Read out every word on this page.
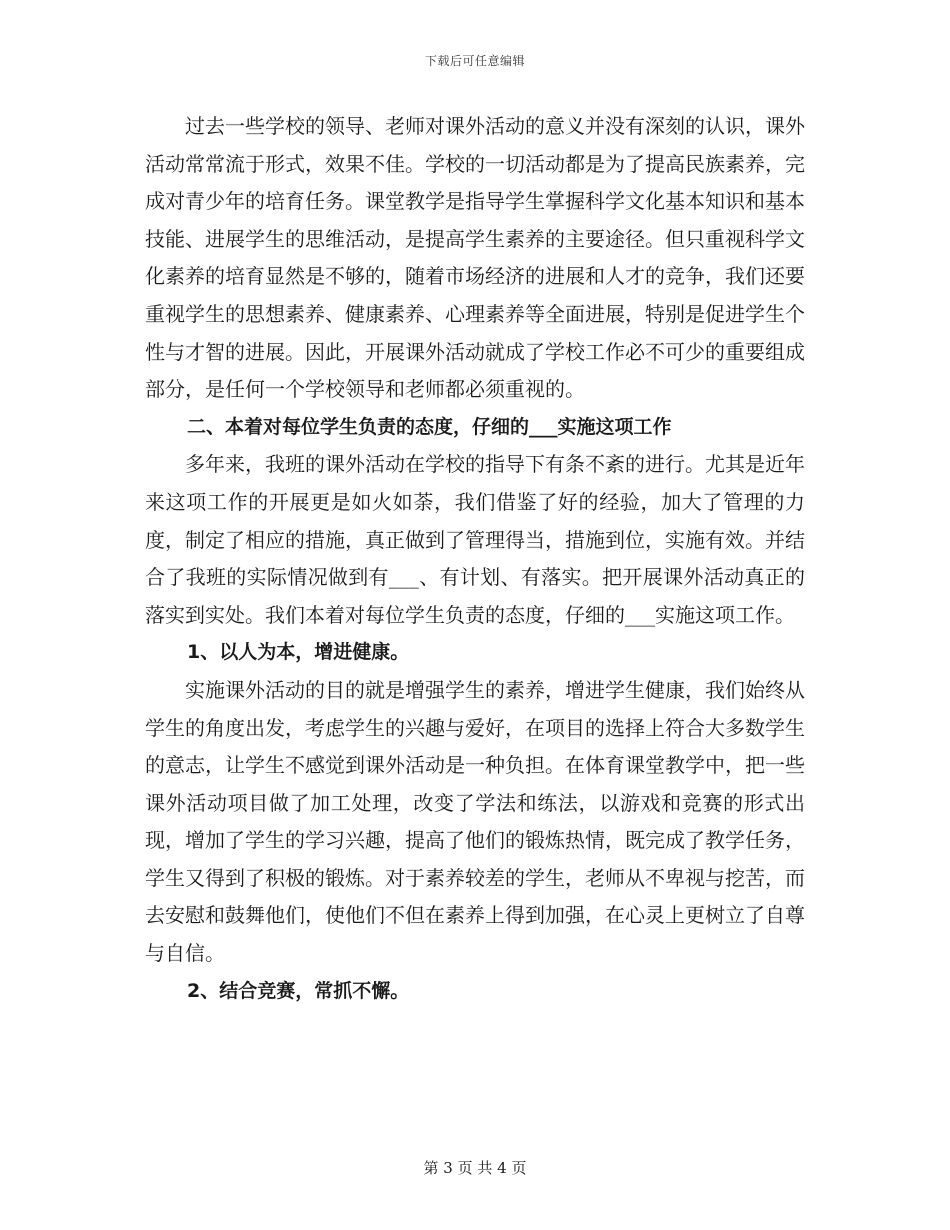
下载后可任意编辑

过去一些学校的领导、老师对课外活动的意义并没有深刻的认识，课外活动常常流于形式，效果不佳。学校的一切活动都是为了提高民族素养，完成对青少年的培育任务。课堂教学是指导学生掌握科学文化基本知识和基本技能、进展学生的思维活动，是提高学生素养的主要途径。但只重视科学文化素养的培育显然是不够的，随着市场经济的进展和人才的竞争，我们还要重视学生的思想素养、健康素养、心理素养等全面进展，特别是促进学生个性与才智的进展。因此，开展课外活动就成了学校工作必不可少的重要组成部分，是任何一个学校领导和老师都必须重视的。

二、本着对每位学生负责的态度，仔细的___实施这项工作

多年来，我班的课外活动在学校的指导下有条不紊的进行。尤其是近年来这项工作的开展更是如火如荼，我们借鉴了好的经验，加大了管理的力度，制定了相应的措施，真正做到了管理得当，措施到位，实施有效。并结合了我班的实际情况做到有___、有计划、有落实。把开展课外活动真正的落实到实处。我们本着对每位学生负责的态度，仔细的___实施这项工作。

1、以人为本，增进健康。

实施课外活动的目的就是增强学生的素养，增进学生健康，我们始终从学生的角度出发，考虑学生的兴趣与爱好，在项目的选择上符合大多数学生的意志，让学生不感觉到课外活动是一种负担。在体育课堂教学中，把一些课外活动项目做了加工处理，改变了学法和练法，以游戏和竞赛的形式出现，增加了学生的学习兴趣，提高了他们的锻炼热情，既完成了教学任务，学生又得到了积极的锻炼。对于素养较差的学生，老师从不卑视与挖苦，而去安慰和鼓舞他们，使他们不但在素养上得到加强，在心灵上更树立了自尊与自信。

2、结合竞赛，常抓不懈。

第 3 页 共 4 页
